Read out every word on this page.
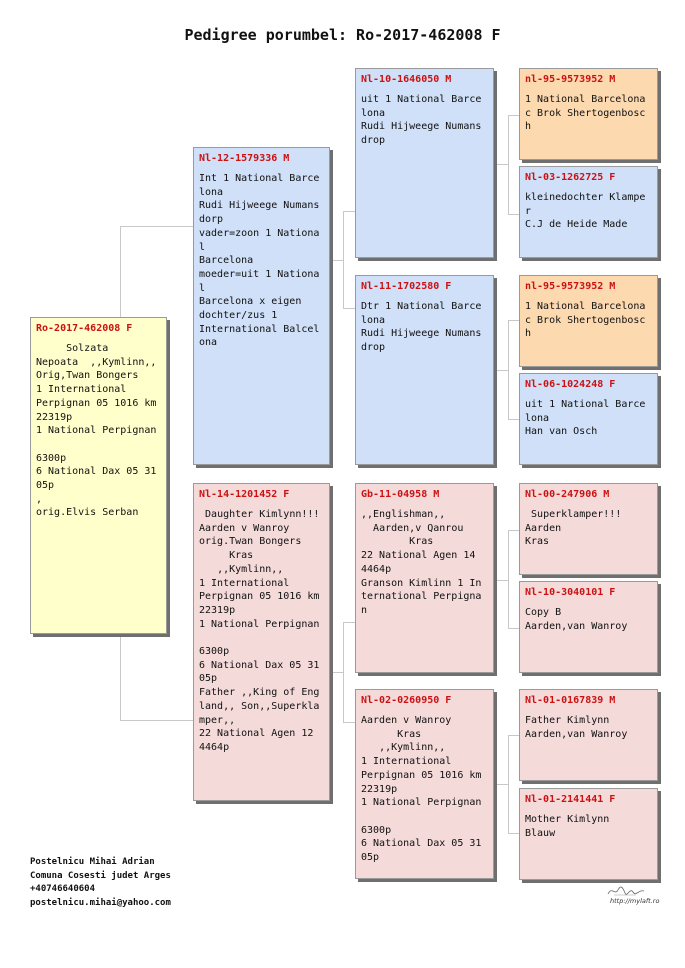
Pedigree porumbel: Ro-2017-462008 F
Ro-2017-462008 F
Solzata
Nepoata  ,,Kymlinn,,
Orig,Twan Bongers
1 International
Perpignan 05 1016 km
22319p
1 National Perpignan

6300p
6 National Dax 05 31
05p
,
orig.Elvis Serban
Nl-12-1579336 M
Int 1 National Barce
lona
Rudi Hijweege Numans
dorp
vader=zoon 1 Nationa
l
Barcelona
moeder=uit 1 Nationa
l
Barcelona x eigen
dochter/zus 1
International Balcel
ona
Nl-14-1201452 F
Daughter Kimlynn!!!
Aarden v Wanroy
orig.Twan Bongers
Kras
,,Kymlinn,,
1 International
Perpignan 05 1016 km
22319p
1 National Perpignan

6300p
6 National Dax 05 31
05p
Father ,,King of Eng
land,, Son,,Superkla
mper,,
22 National Agen 12
4464p
Nl-10-1646050 M
uit 1 National Barce
lona
Rudi Hijweege Numans
drop
Nl-11-1702580 F
Dtr 1 National Barce
lona
Rudi Hijweege Numans
drop
Gb-11-04958 M
,,Englishman,,
Aarden,v Qanrou
Kras
22 National Agen 14
4464p
Granson Kimlinn 1 In
ternational Perpigna
n
Nl-02-0260950 F
Aarden v Wanroy
Kras
,,Kymlinn,,
1 International
Perpignan 05 1016 km
22319p
1 National Perpignan

6300p
6 National Dax 05 31
05p
nl-95-9573952 M
1 National Barcelona
c Brok Shertogenbosc
h
Nl-03-1262725 F
kleinedochter Klampe
r
C.J de Heide Made
nl-95-9573952 M
1 National Barcelona
c Brok Shertogenbosc
h
Nl-06-1024248 F
uit 1 National Barce
lona
Han van Osch
Nl-00-247906 M
Superklamper!!!
Aarden
Kras
Nl-10-3040101 F
Copy B
Aarden,van Wanroy
Nl-01-0167839 M
Father Kimlynn
Aarden,van Wanroy
Nl-01-2141441 F
Mother Kimlynn
Blauw
Postelnicu Mihai Adrian
Comuna Cosesti judet Arges
+40746640604
postelnicu.mihai@yahoo.com	http://mylaft.ro
